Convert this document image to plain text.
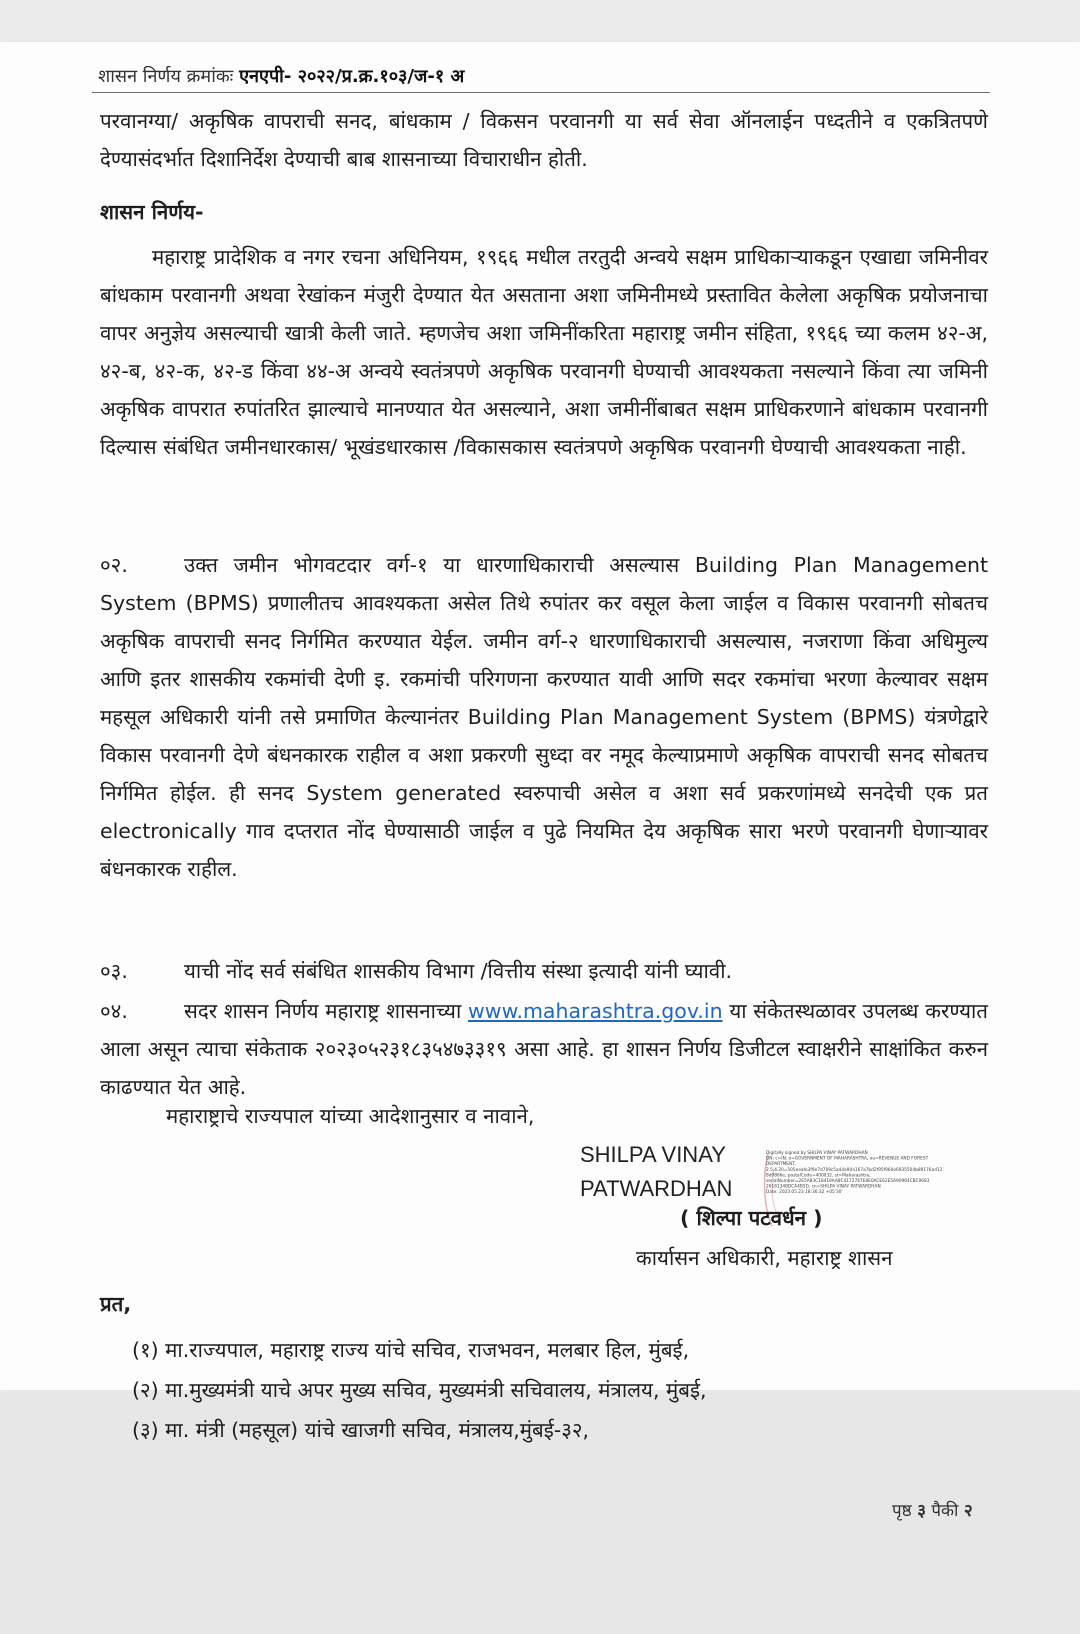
शासन निर्णय क्रमांकः एनएपी- २०२२/प्र.क्र.१०३/ज-१ अ
परवानग्या/ अकृषिक वापराची सनद, बांधकाम / विकसन परवानगी या सर्व सेवा ऑनलाईन पध्दतीने व एकत्रितपणे देण्यासंदर्भात दिशानिर्देश देण्याची बाब शासनाच्या विचाराधीन होती.
शासन निर्णय-
महाराष्ट्र प्रादेशिक व नगर रचना अधिनियम, १९६६ मधील तरतुदी अन्वये सक्षम प्राधिकाऱ्याकडून एखाद्या जमिनीवर बांधकाम परवानगी अथवा रेखांकन मंजुरी देण्यात येत असताना अशा जमिनीमध्ये प्रस्तावित केलेला अकृषिक प्रयोजनाचा वापर अनुज्ञेय असल्याची खात्री केली जाते. म्हणजेच अशा जमिनींकरिता महाराष्ट्र जमीन संहिता, १९६६ च्या कलम ४२-अ, ४२-ब, ४२-क, ४२-ड किंवा ४४-अ अन्वये स्वतंत्रपणे अकृषिक परवानगी घेण्याची आवश्यकता नसल्याने किंवा त्या जमिनी अकृषिक वापरात रुपांतरित झाल्याचे मानण्यात येत असल्याने, अशा जमीनींबाबत सक्षम प्राधिकरणाने बांधकाम परवानगी दिल्यास संबंधित जमीनधारकास/ भूखंडधारकास /विकासकास स्वतंत्रपणे अकृषिक परवानगी घेण्याची आवश्यकता नाही.
०२.	उक्त जमीन भोगवटदार वर्ग-१ या धारणाधिकाराची असल्यास Building Plan Management System (BPMS) प्रणालीतच आवश्यकता असेल तिथे रुपांतर कर वसूल केला जाईल व विकास परवानगी सोबतच अकृषिक वापराची सनद निर्गमित करण्यात येईल. जमीन वर्ग-२ धारणाधिकाराची असल्यास, नजराणा किंवा अधिमुल्य आणि इतर शासकीय रकमांची देणी इ. रकमांची परिगणना करण्यात यावी आणि सदर रकमांचा भरणा केल्यावर सक्षम महसूल अधिकारी यांनी तसे प्रमाणित केल्यानंतर Building Plan Management System (BPMS) यंत्रणेद्वारे विकास परवानगी देणे बंधनकारक राहील व अशा प्रकरणी सुध्दा वर नमूद केल्याप्रमाणे अकृषिक वापराची सनद सोबतच निर्गमित होईल. ही सनद System generated स्वरुपाची असेल व अशा सर्व प्रकरणांमध्ये सनदेची एक प्रत electronically गाव दप्तरात नोंद घेण्यासाठी जाईल व पुढे नियमित देय अकृषिक सारा भरणे परवानगी घेणाऱ्यावर बंधनकारक राहील.
०३.	याची नोंद सर्व संबंधित शासकीय विभाग /वित्तीय संस्था इत्यादी यांनी घ्यावी.
०४.	सदर शासन निर्णय महाराष्ट्र शासनाच्या www.maharashtra.gov.in या संकेतस्थळावर उपलब्ध करण्यात आला असून त्याचा संकेताक २०२३०५२३१८३५४७३३१९ असा आहे. हा शासन निर्णय डिजीटल स्वाक्षरीने साक्षांकित करुन काढण्यात येत आहे.
महाराष्ट्राचे राज्यपाल यांच्या आदेशानुसार व नावाने,
SHILPA VINAY
PATWARDHAN
Digitally signed by SHILPA VINAY PATWARDHAN
DN: c=IN, o=GOVERNMENT OF MAHARASHTRA, ou=REVENUE AND FOREST
DEPARTMENT,
2.5.4.20=505eeafe3f9e7d709c5a44a90a167a7bd2f95f960e6935504b89176ad12
8d0866e, postalCode=400032, st=Maharashtra,
serialNumber=2E5A83C18419AA8C4172767E8E0ACE62E5A90964CBC9683
26161348DCA4B5D, cn=SHILPA VINAY PATWARDHAN
Date: 2023.05.23 18:36:32 +05'30'
( शिल्पा पटवर्धन )
कार्यासन अधिकारी, महाराष्ट्र शासन
प्रत,
(१) मा.राज्यपाल, महाराष्ट्र राज्य यांचे सचिव, राजभवन, मलबार हिल, मुंबई,
(२) मा.मुख्यमंत्री याचे अपर मुख्य सचिव, मुख्यमंत्री सचिवालय, मंत्रालय, मुंबई,
(३) मा. मंत्री (महसूल) यांचे खाजगी सचिव, मंत्रालय,मुंबई-३२,
पृष्ठ ३ पैकी २
